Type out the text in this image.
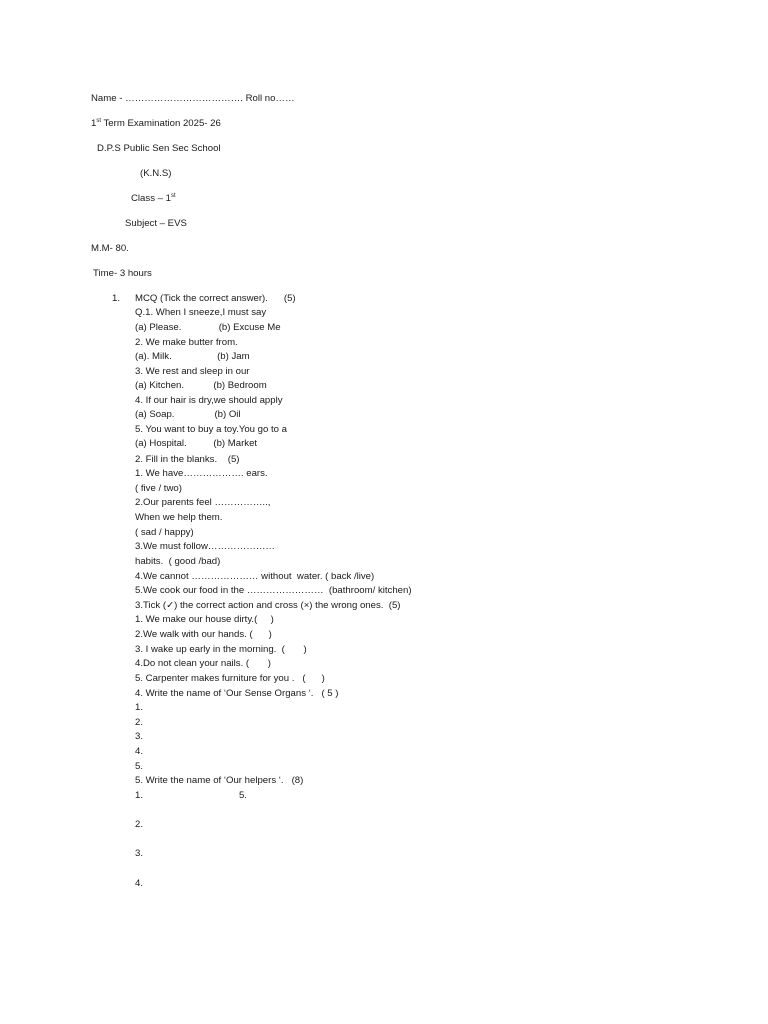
Name - ………………………………. Roll no……
1st Term Examination 2025- 26
D.P.S Public Sen Sec School
(K.N.S)
Class – 1st
Subject – EVS
M.M- 80.
Time- 3 hours
1. MCQ (Tick the correct answer).      (5)
Q.1. When I sneeze,I must say
(a) Please.              (b) Excuse Me
2. We make butter from.
(a). Milk.                 (b) Jam
3. We rest and sleep in our
(a) Kitchen.           (b) Bedroom
4. If our hair is dry,we should apply
(a) Soap.               (b) Oil
5. You want to buy a toy.You go to a
(a) Hospital.          (b) Market
2. Fill in the blanks.    (5)
1. We have………………. ears.
( five / two)
2.Our parents feel ……………..,
When we help them.
( sad / happy)
3.We must follow…………………
habits.  ( good /bad)
4.We cannot ………………… without  water. ( back /live)
5.We cook our food in the ……………………  (bathroom/ kitchen)
3.Tick (✓) the correct action and cross (×) the wrong ones.  (5)
1. We make our house dirty.(     )
2.We walk with our hands. (      )
3. I wake up early in the morning.  (       )
4.Do not clean your nails. (       )
5. Carpenter makes furniture for you .   (      )
4. Write the name of ‘Our Sense Organs ‘.   ( 5 )
1.
2.
3.
4.
5.
5. Write the name of ‘Our helpers ‘.   (8)
1.                                    5.
2.
3.
4.
